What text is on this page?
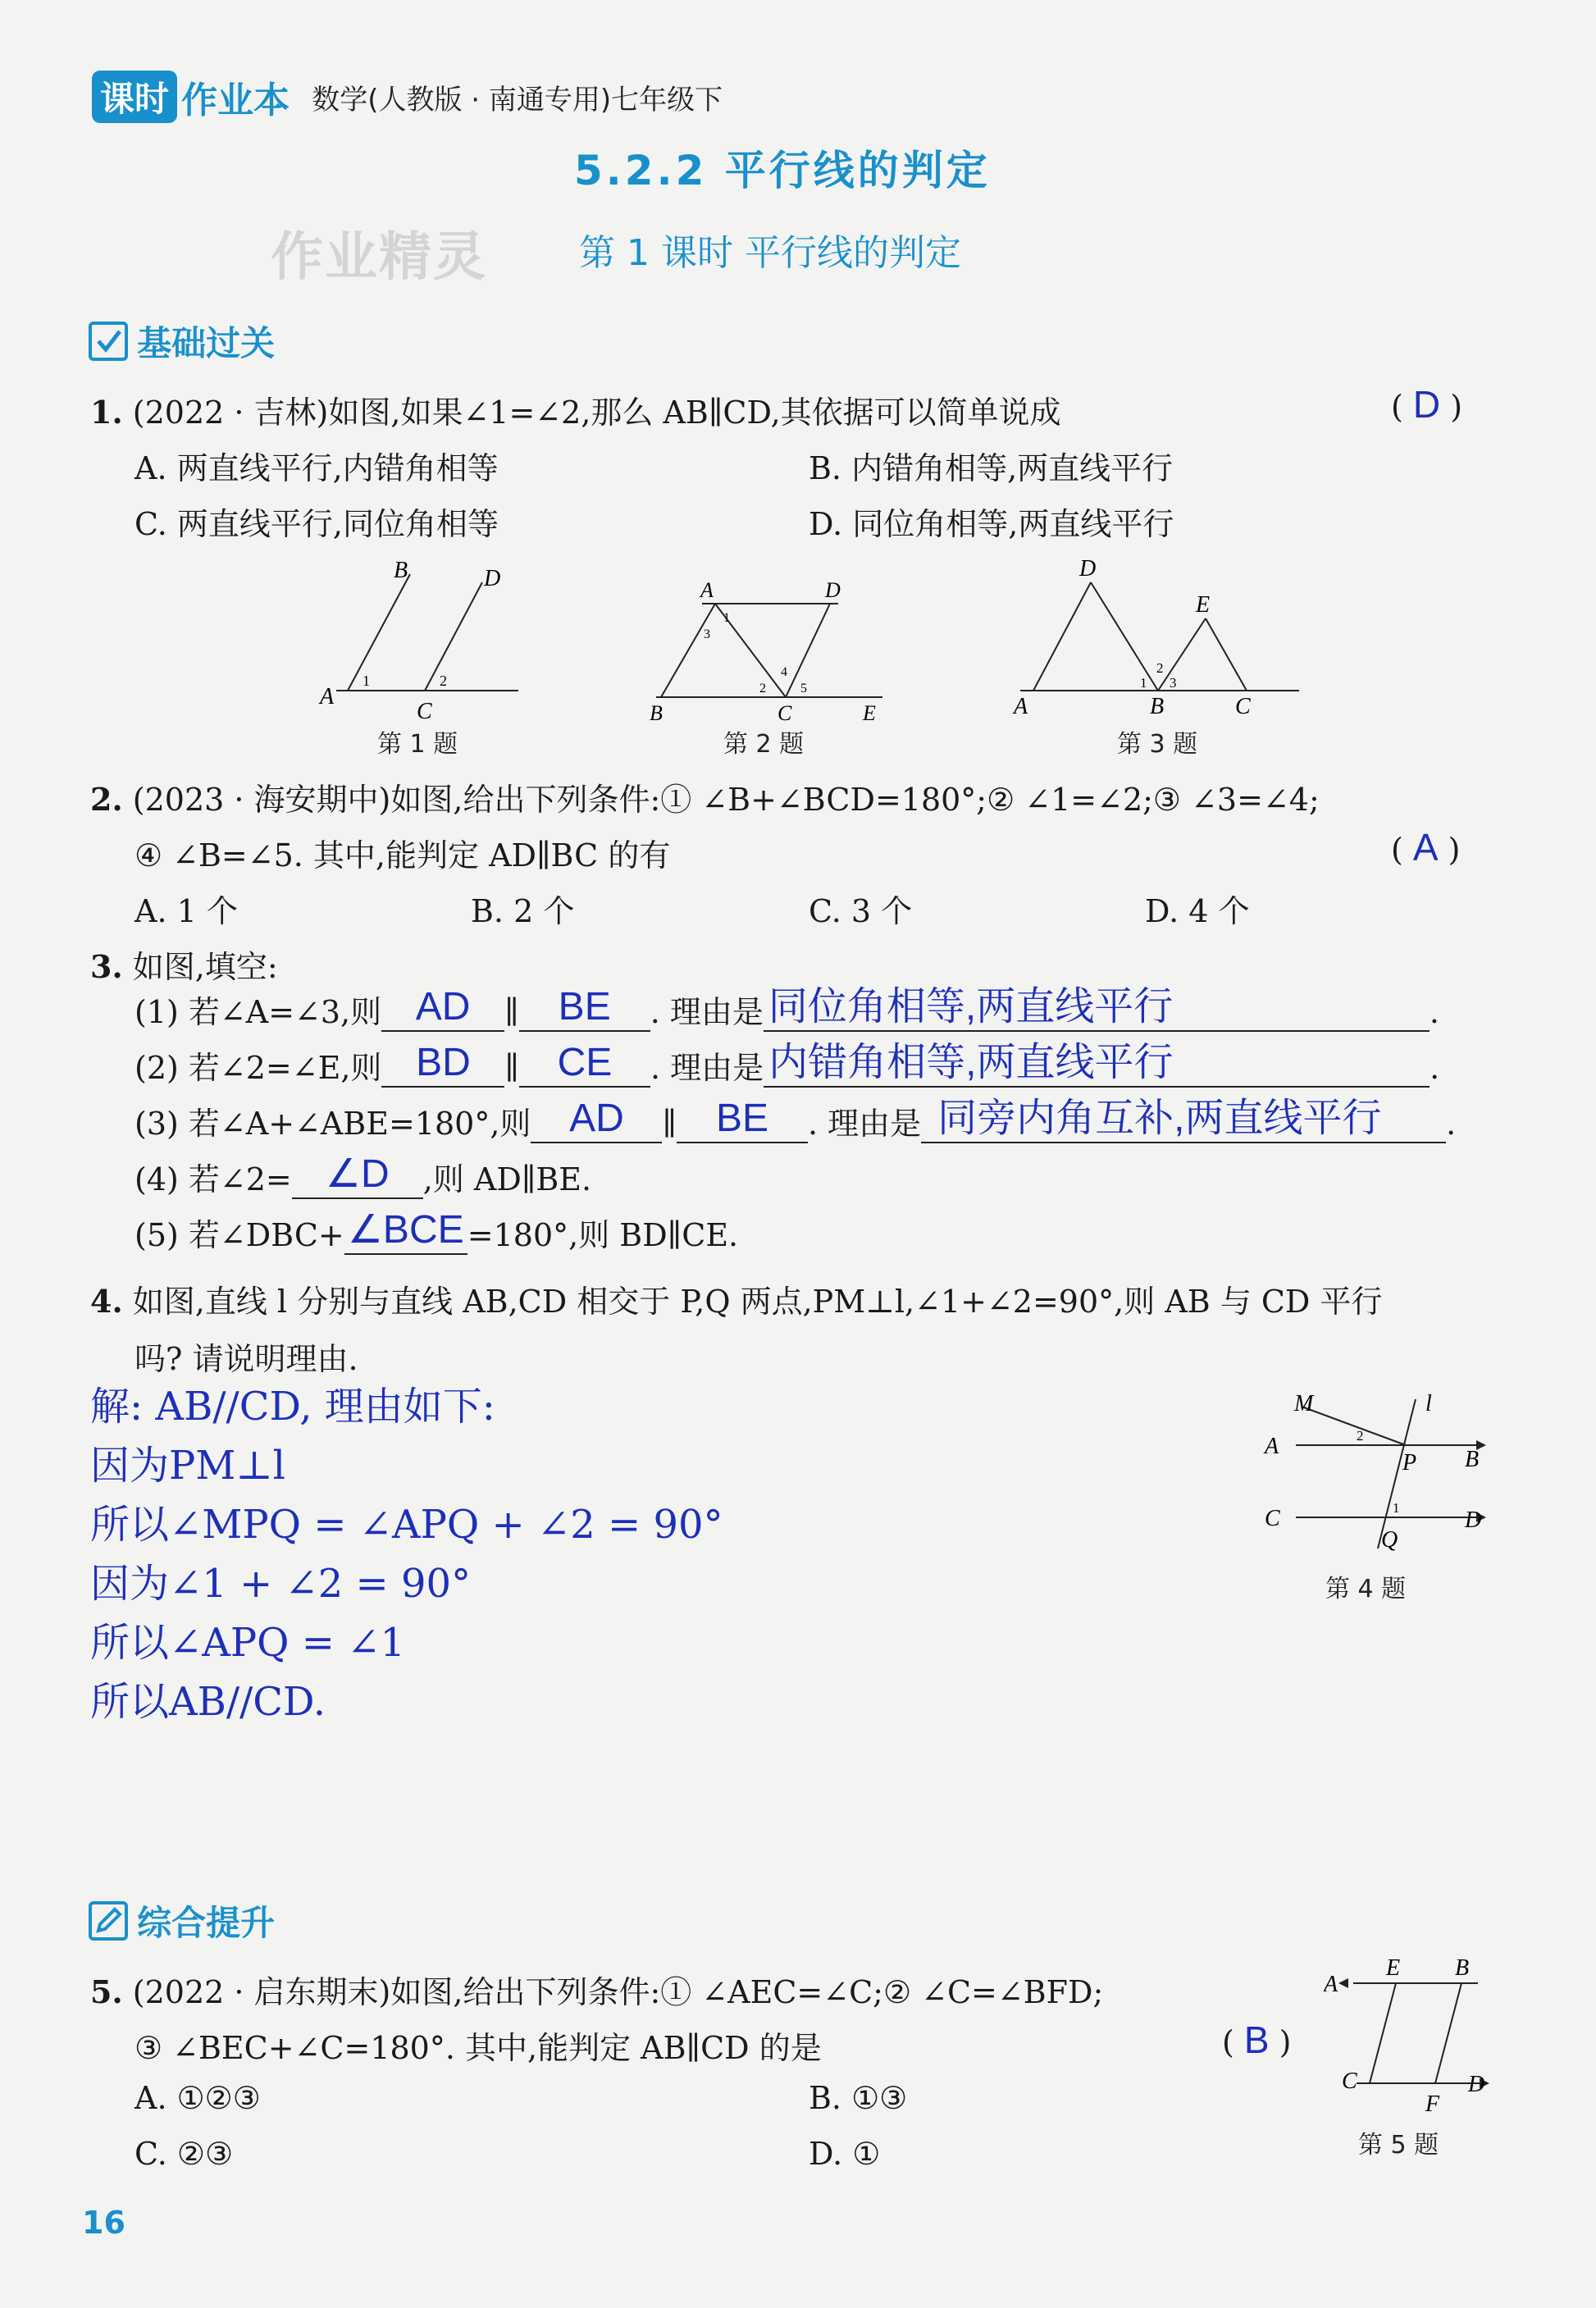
课时 作业本 数学(人教版 · 南通专用)七年级下
5.2.2 平行线的判定
作业精灵	第 1 课时 平行线的判定
基础过关
1. (2022 · 吉林)如图,如果∠1=∠2,那么 AB∥CD,其依据可以简单说成	( D )
A. 两直线平行,内错角相等	B. 内错角相等,两直线平行
C. 两直线平行,同位角相等	D. 同位角相等,两直线平行
A
B	D
C
1	2
第 1 题
A	D
B	C	E
1
3
2
4
5
第 2 题
D
E
A	B	C
1
2
3
第 3 题
2. (2023 · 海安期中)如图,给出下列条件:① ∠B+∠BCD=180°;② ∠1=∠2;③ ∠3=∠4;
④ ∠B=∠5. 其中,能判定 AD∥BC 的有	( A )
A. 1 个	B. 2 个	C. 3 个	D. 4 个
3. 如图,填空:
(1) 若∠A=∠3,则 AD ∥ BE . 理由是 同位角相等,两直线平行	.
(2) 若∠2=∠E,则 BD ∥ CE . 理由是 内错角相等,两直线平行	.
(3) 若∠A+∠ABE=180°,则 AD ∥ BE . 理由是 同旁内角互补,两直线平行 .
(4) 若∠2= ∠D ,则 AD∥BE.
(5) 若∠DBC+∠BCE =180°,则 BD∥CE.
4. 如图,直线 l 分别与直线 AB,CD 相交于 P,Q 两点,PM⊥l,∠1+∠2=90°,则 AB 与 CD 平行
吗? 请说明理由.
解: AB//CD, 理由如下:
因为PM⊥l
所以∠MPQ = ∠APQ + ∠2 = 90°
因为∠1 + ∠2 = 90°
所以∠APQ = ∠1
所以AB//CD.
M	l
A
B
P
C	D
Q
2
1
第 4 题
综合提升
5. (2022 · 启东期末)如图,给出下列条件:① ∠AEC=∠C;② ∠C=∠BFD;
③ ∠BEC+∠C=180°. 其中,能判定 AB∥CD 的是	( B )
A. ①②③	B. ①③
C. ②③	D. ①
A
E B
C
F
D
第 5 题
16
